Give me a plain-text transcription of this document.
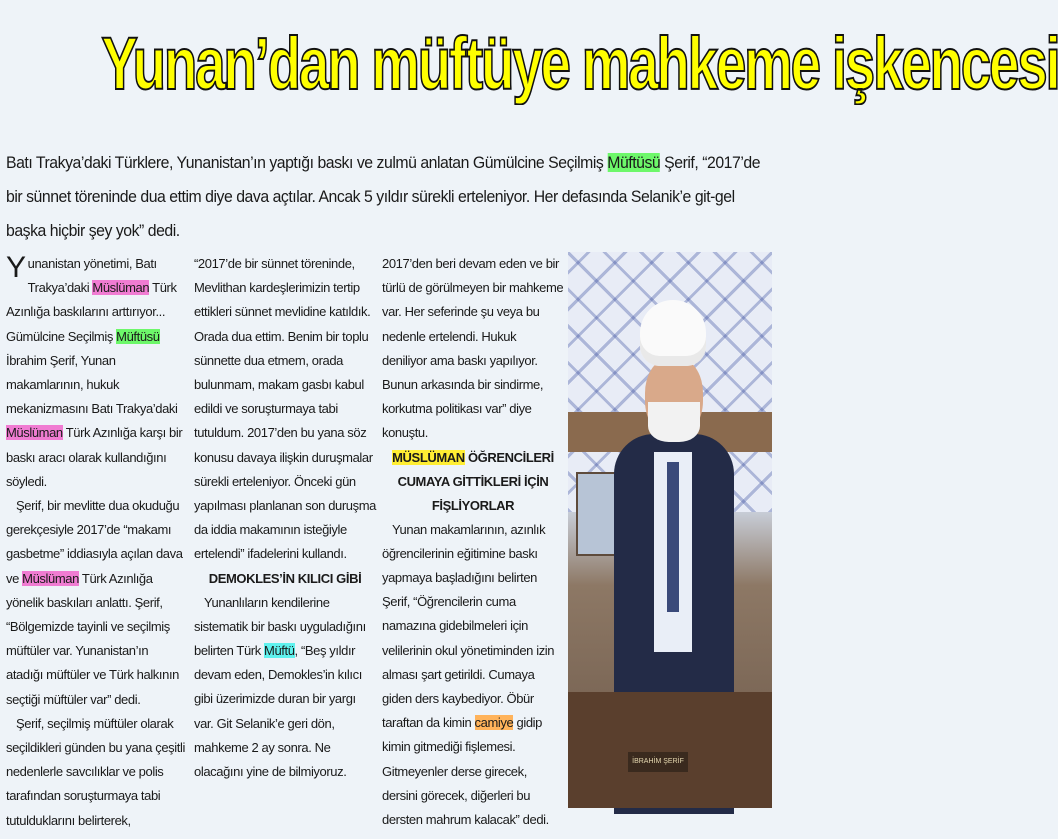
Yunan’dan müftüye mahkeme işkencesi
Batı Trakya’daki Türklere, Yunanistan’ın yaptığı baskı ve zulmü anlatan Gümülcine Seçilmiş Müftüsü Şerif, “2017’de bir sünnet töreninde dua ettim diye dava açtılar. Ancak 5 yıldır sürekli erteleniyor. Her defasında Selanik’e git-gel başka hiçbir şey yok” dedi.

Yunanistan yönetimi, Batı Trakya’daki Müslüman Türk Azınlığa baskılarını arttırıyor... Gümülcine Seçilmiş Müftüsü İbrahim Şerif, Yunan makamlarının, hukuk mekanizmasını Batı Trakya’daki Müslüman Türk Azınlığa karşı bir baskı aracı olarak kullandığını söyledi.

Şerif, bir mevlitte dua okuduğu gerekçesiyle 2017’de “makamı gasbetme” iddiasıyla açılan dava ve Müslüman Türk Azınlığa yönelik baskıları anlattı. Şerif, “Bölgemizde tayinli ve seçilmiş müftüler var. Yunanistan’ın atadığı müftüler ve Türk halkının seçtiği müftüler var” dedi.

Şerif, seçilmiş müftüler olarak seçildikleri günden bu yana çeşitli nedenlerle savcılıklar ve polis tarafından soruşturmaya tabi tutulduklarını belirterek,

“2017’de bir sünnet töreninde, Mevlithan kardeşlerimizin tertip ettikleri sünnet mevlidine katıldık. Orada dua ettim. Benim bir toplu sünnette dua etmem, orada bulunmam, makam gasbı kabul edildi ve soruşturmaya tabi tutuldum. 2017’den bu yana söz konusu davaya ilişkin duruşmalar sürekli erteleniyor. Önceki gün yapılması planlanan son duruşma da iddia makamının isteğiyle ertelendi” ifadelerini kullandı.

DEMOKLES’İN KILICI GİBİ

Yunanlıların kendilerine sistematik bir baskı uyguladığını belirten Türk Müftü, “Beş yıldır devam eden, Demokles’in kılıcı gibi üzerimizde duran bir yargı var. Git Selanik’e geri dön, mahkeme 2 ay sonra. Ne olacağını yine de bilmiyoruz.

2017’den beri devam eden ve bir türlü de görülmeyen bir mahkeme var. Her seferinde şu veya bu nedenle ertelendi. Hukuk deniliyor ama baskı yapılıyor. Bunun arkasında bir sindirme, korkutma politikası var” diye konuştu.

MÜSLÜMAN ÖĞRENCİLERİ CUMAYA GİTTİKLERİ İÇİN FİŞLİYORLAR

Yunan makamlarının, azınlık öğrencilerinin eğitimine baskı yapmaya başladığını belirten Şerif, “Öğrencilerin cuma namazına gidebilmeleri için velilerinin okul yönetiminden izin alması şart getirildi. Cumaya giden ders kaybediyor. Öbür taraftan da kimin camiye gidip kimin gitmediği fişlemesi. Gitmeyenler derse girecek, dersini görecek, diğerleri bu dersten mahrum kalacak” dedi.

İBRAHİM ŞERİF
